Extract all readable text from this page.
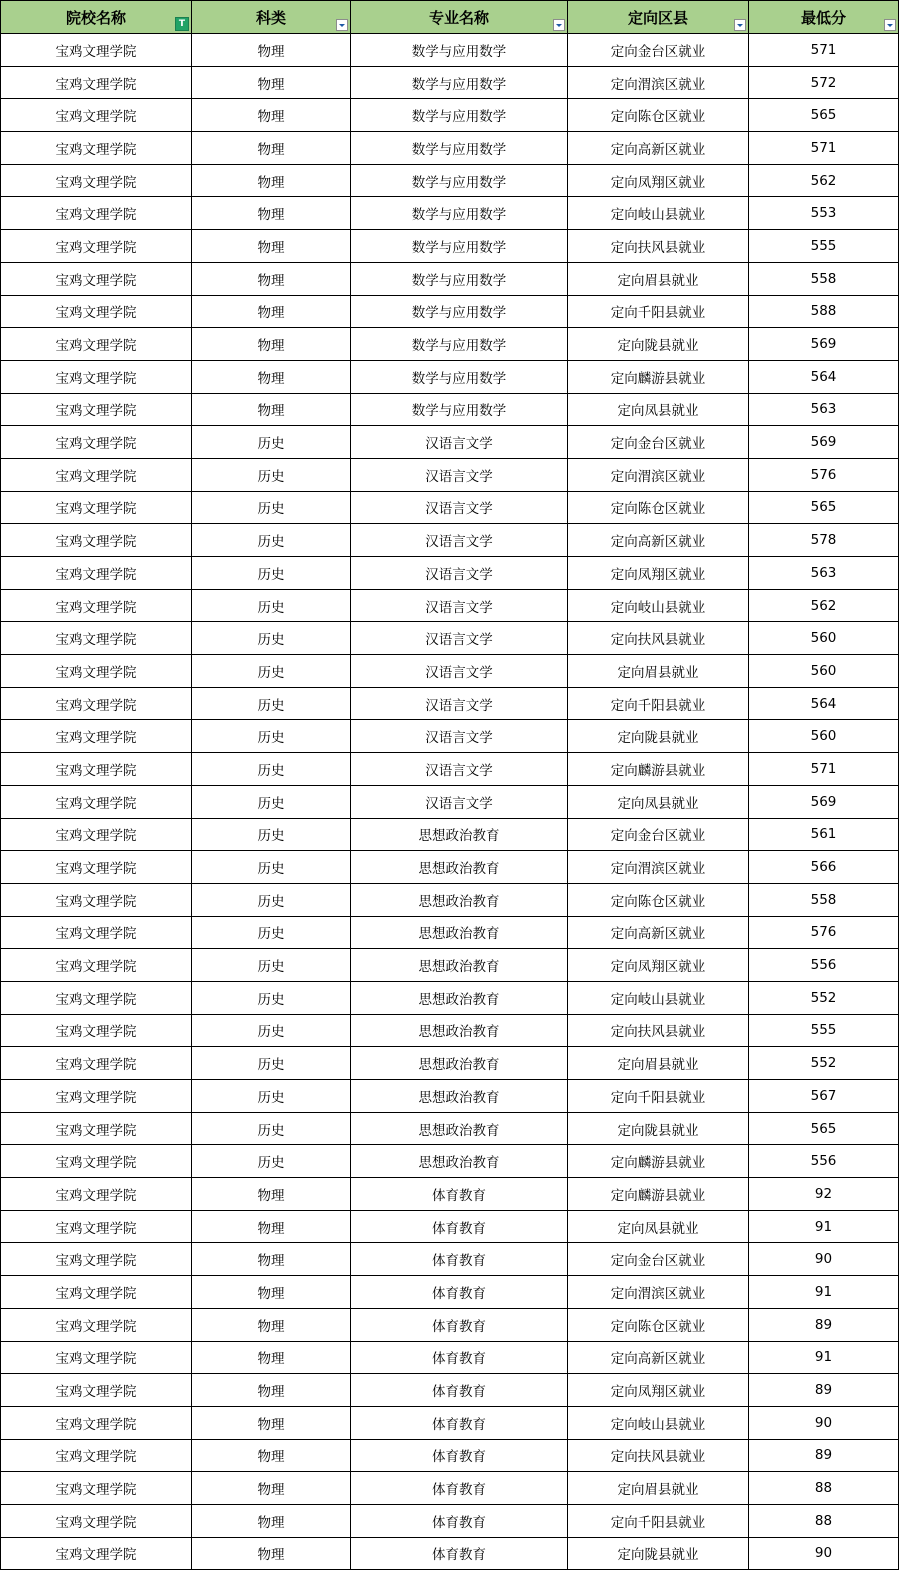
院校名称 T	科类	专业名称	定向区县	最低分

宝鸡文理学院	物理	数学与应用数学	定向金台区就业	571
宝鸡文理学院	物理	数学与应用数学	定向渭滨区就业	572
宝鸡文理学院	物理	数学与应用数学	定向陈仓区就业	565
宝鸡文理学院	物理	数学与应用数学	定向高新区就业	571
宝鸡文理学院	物理	数学与应用数学	定向凤翔区就业	562
宝鸡文理学院	物理	数学与应用数学	定向岐山县就业	553
宝鸡文理学院	物理	数学与应用数学	定向扶风县就业	555
宝鸡文理学院	物理	数学与应用数学	定向眉县就业	558
宝鸡文理学院	物理	数学与应用数学	定向千阳县就业	588
宝鸡文理学院	物理	数学与应用数学	定向陇县就业	569
宝鸡文理学院	物理	数学与应用数学	定向麟游县就业	564
宝鸡文理学院	物理	数学与应用数学	定向凤县就业	563
宝鸡文理学院	历史	汉语言文学	定向金台区就业	569
宝鸡文理学院	历史	汉语言文学	定向渭滨区就业	576
宝鸡文理学院	历史	汉语言文学	定向陈仓区就业	565
宝鸡文理学院	历史	汉语言文学	定向高新区就业	578
宝鸡文理学院	历史	汉语言文学	定向凤翔区就业	563
宝鸡文理学院	历史	汉语言文学	定向岐山县就业	562
宝鸡文理学院	历史	汉语言文学	定向扶风县就业	560
宝鸡文理学院	历史	汉语言文学	定向眉县就业	560
宝鸡文理学院	历史	汉语言文学	定向千阳县就业	564
宝鸡文理学院	历史	汉语言文学	定向陇县就业	560
宝鸡文理学院	历史	汉语言文学	定向麟游县就业	571
宝鸡文理学院	历史	汉语言文学	定向凤县就业	569
宝鸡文理学院	历史	思想政治教育	定向金台区就业	561
宝鸡文理学院	历史	思想政治教育	定向渭滨区就业	566
宝鸡文理学院	历史	思想政治教育	定向陈仓区就业	558
宝鸡文理学院	历史	思想政治教育	定向高新区就业	576
宝鸡文理学院	历史	思想政治教育	定向凤翔区就业	556
宝鸡文理学院	历史	思想政治教育	定向岐山县就业	552
宝鸡文理学院	历史	思想政治教育	定向扶风县就业	555
宝鸡文理学院	历史	思想政治教育	定向眉县就业	552
宝鸡文理学院	历史	思想政治教育	定向千阳县就业	567
宝鸡文理学院	历史	思想政治教育	定向陇县就业	565
宝鸡文理学院	历史	思想政治教育	定向麟游县就业	556
宝鸡文理学院	物理	体育教育	定向麟游县就业	92
宝鸡文理学院	物理	体育教育	定向凤县就业	91
宝鸡文理学院	物理	体育教育	定向金台区就业	90
宝鸡文理学院	物理	体育教育	定向渭滨区就业	91
宝鸡文理学院	物理	体育教育	定向陈仓区就业	89
宝鸡文理学院	物理	体育教育	定向高新区就业	91
宝鸡文理学院	物理	体育教育	定向凤翔区就业	89
宝鸡文理学院	物理	体育教育	定向岐山县就业	90
宝鸡文理学院	物理	体育教育	定向扶风县就业	89
宝鸡文理学院	物理	体育教育	定向眉县就业	88
宝鸡文理学院	物理	体育教育	定向千阳县就业	88
宝鸡文理学院	物理	体育教育	定向陇县就业	90
